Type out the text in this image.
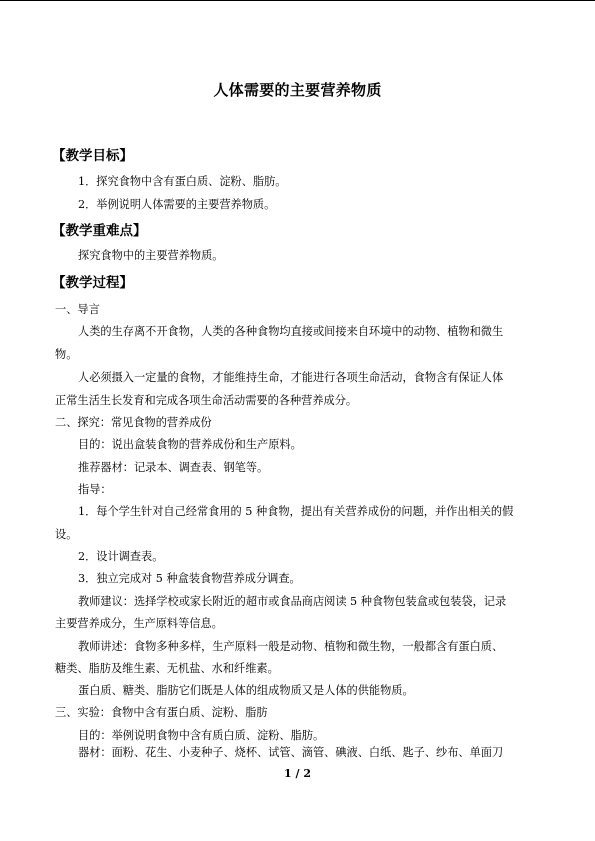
人体需要的主要营养物质
【教学目标】
1．探究食物中含有蛋白质、淀粉、脂肪。
2．举例说明人体需要的主要营养物质。
【教学重难点】
探究食物中的主要营养物质。
【教学过程】
一、导言
人类的生存离不开食物，人类的各种食物均直接或间接来自环境中的动物、植物和微生
物。
人必须摄入一定量的食物，才能维持生命，才能进行各项生命活动，食物含有保证人体
正常生活生长发育和完成各项生命活动需要的各种营养成分。
二、探究：常见食物的营养成份
目的：说出盒装食物的营养成份和生产原料。
推荐器材：记录本、调查表、钢笔等。
指导：
1．每个学生针对自己经常食用的 5 种食物，提出有关营养成份的问题，并作出相关的假
设。
2．设计调查表。
3．独立完成对 5 种盒装食物营养成分调查。
教师建议：选择学校或家长附近的超市或食品商店阅读 5 种食物包装盒或包装袋，记录
主要营养成分，生产原料等信息。
教师讲述：食物多种多样，生产原料一般是动物、植物和微生物，一般都含有蛋白质、
糖类、脂肪及维生素、无机盐、水和纤维素。
蛋白质、糖类、脂肪它们既是人体的组成物质又是人体的供能物质。
三、实验：食物中含有蛋白质、淀粉、脂肪
目的：举例说明食物中含有质白质、淀粉、脂肪。
器材：面粉、花生、小麦种子、烧杯、试管、滴管、碘液、白纸、匙子、纱布、单面刀
1 / 2
